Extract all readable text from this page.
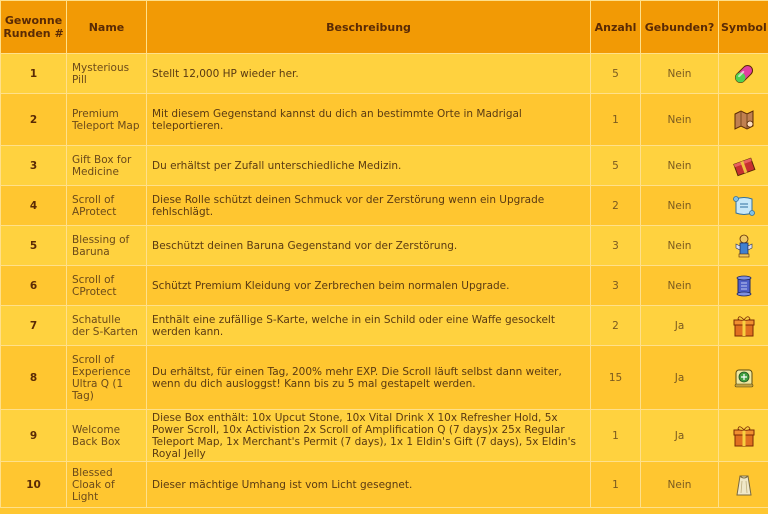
Gewonne Runden #	Name	Beschreibung	Anzahl	Gebunden?	Symbol
1	Mysterious Pill	Stellt 12,000 HP wieder her.	5	Nein	
2	Premium Teleport Map	Mit diesem Gegenstand kannst du dich an bestimmte Orte in Madrigal teleportieren.	1	Nein	
3	Gift Box for Medicine	Du erhältst per Zufall unterschiedliche Medizin.	5	Nein	
4	Scroll of AProtect	Diese Rolle schützt deinen Schmuck vor der Zerstörung wenn ein Upgrade fehlschlägt.	2	Nein	
5	Blessing of Baruna	Beschützt deinen Baruna Gegenstand vor der Zerstörung.	3	Nein	
6	Scroll of CProtect	Schützt Premium Kleidung vor Zerbrechen beim normalen Upgrade.	3	Nein	
7	Schatulle der S-Karten	Enthält eine zufällige S-Karte, welche in ein Schild oder eine Waffe gesockelt werden kann.	2	Ja	
8	Scroll of Experience Ultra Q (1 Tag)	Du erhältst, für einen Tag, 200% mehr EXP. Die Scroll läuft selbst dann weiter, wenn du dich ausloggst! Kann bis zu 5 mal gestapelt werden.	15	Ja	
9	Welcome Back Box	Diese Box enthält: 10x Upcut Stone, 10x Vital Drink X 10x Refresher Hold, 5x Power Scroll, 10x Activistion 2x Scroll of Amplification Q (7 days)x 25x Regular Teleport Map, 1x Merchant's Permit (7 days), 1x 1 Eldin's Gift (7 days), 5x Eldin's Royal Jelly	1	Ja	
10	Blessed Cloak of Light	Dieser mächtige Umhang ist vom Licht gesegnet.	1	Nein	
